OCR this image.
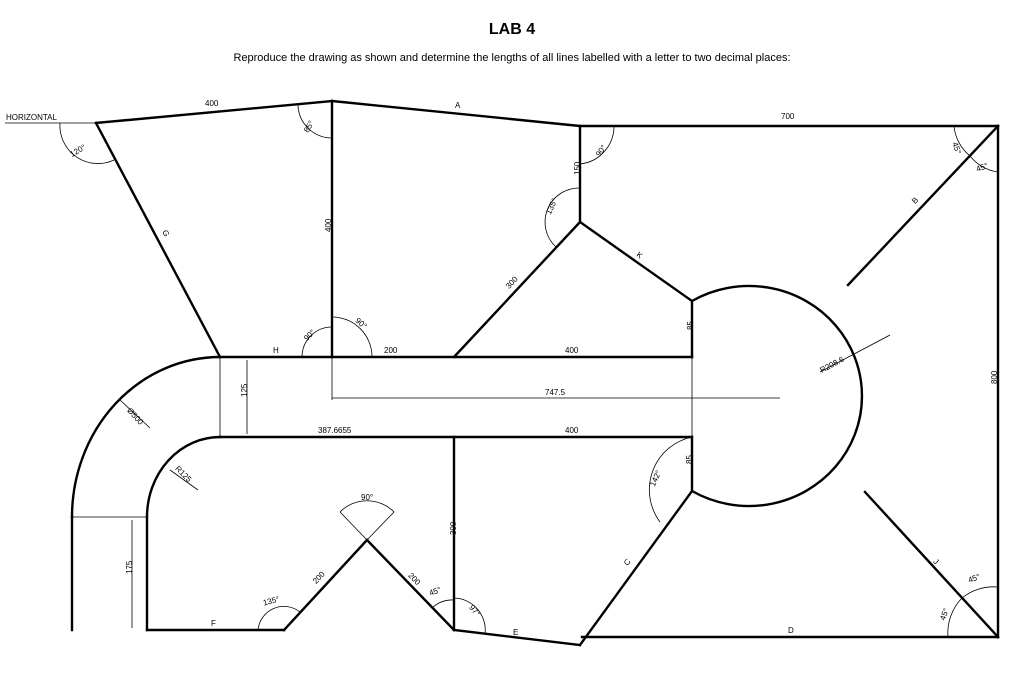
LAB 4
Reproduce the drawing as shown and determine the lengths of all lines labelled with a letter to two decimal places:
HORIZONTAL
A
B
C
D
E
F
G
H
J
K
400
700
400
150
300
200	400
85
747.5
125
387.6655	400
85
300
200	200
175
800
R208.6
Ø500
R125
120°
85°
90°
135°
90°
90°
45°
45°
142°
90°
135°
45°
97°	45°
45°
